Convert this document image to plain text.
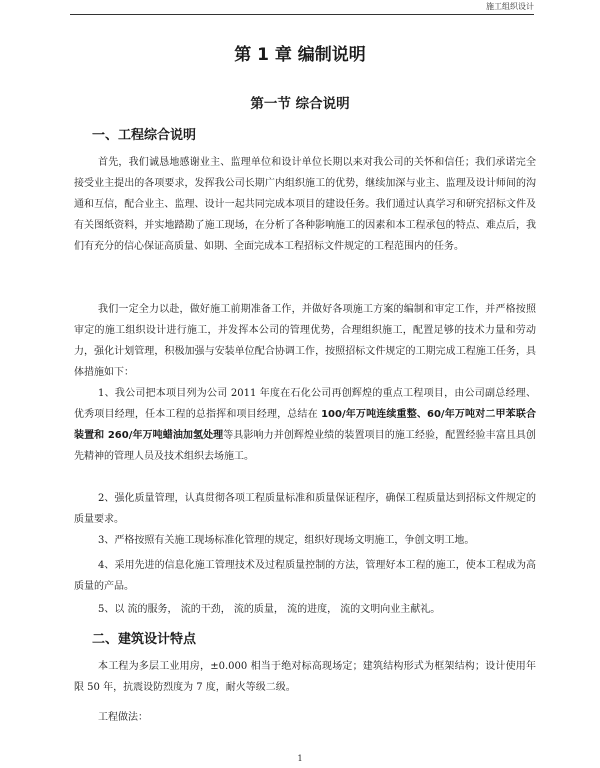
施工组织设计
第 1 章 编制说明
第一节 综合说明
一、工程综合说明

首先，我们诚恳地感谢业主、监理单位和设计单位长期以来对我公司的关怀和信任；我们承诺完全接受业主提出的各项要求，发挥我公司长期广内组织施工的优势，继续加深与业主、监理及设计师间的沟通和互信，配合业主、监理、设计一起共同完成本项目的建设任务。我们通过认真学习和研究招标文件及有关图纸资料，并实地踏勘了施工现场，在分析了各种影响施工的因素和本工程承包的特点、难点后，我们有充分的信心保证高质量、如期、全面完成本工程招标文件规定的工程范围内的任务。

我们一定全力以赴，做好施工前期准备工作，并做好各项施工方案的编制和审定工作，并严格按照审定的施工组织设计进行施工，并发挥本公司的管理优势，合理组织施工，配置足够的技术力量和劳动力，强化计划管理，积极加强与安装单位配合协调工作，按照招标文件规定的工期完成工程施工任务，具体措施如下：

1、我公司把本项目列为公司 2011 年度在石化公司再创辉煌的重点工程项目，由公司副总经理、优秀项目经理，任本工程的总指挥和项目经理，总结在 100/年万吨连续重整、60/年万吨对二甲苯联合装置和 260/年万吨蜡油加氢处理等具影响力并创辉煌业绩的装置项目的施工经验，配置经验丰富且具创先精神的管理人员及技术组织去场施工。

2、强化质量管理，认真贯彻各项工程质量标准和质量保证程序，确保工程质量达到招标文件规定的质量要求。

3、严格按照有关施工现场标准化管理的规定，组织好现场文明施工，争创文明工地。

4、采用先进的信息化施工管理技术及过程质量控制的方法，管理好本工程的施工，使本工程成为高质量的产品。

5、以 流的服务， 流的干劲， 流的质量， 流的进度， 流的文明向业主献礼。

二、建筑设计特点

本工程为多层工业用房，±0.000 相当于绝对标高现场定；建筑结构形式为框架结构；设计使用年限 50 年，抗震设防烈度为 7 度，耐火等级二级。

工程做法：

1
